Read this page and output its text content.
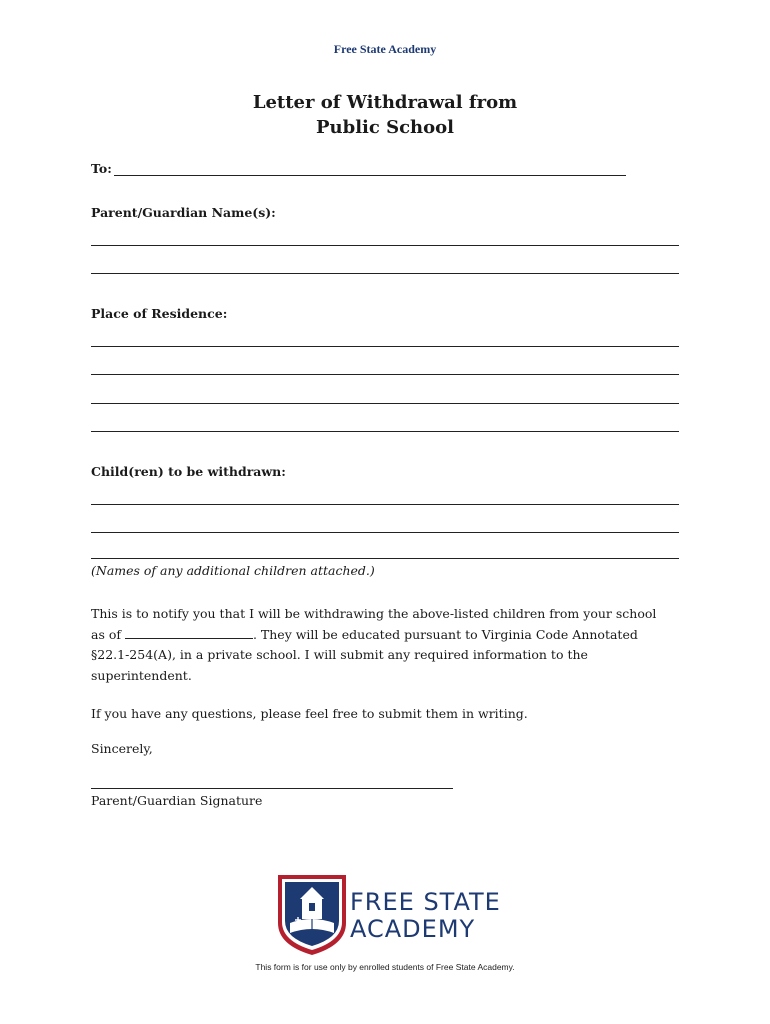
Free State Academy
Letter of Withdrawal from
Public School
To:
Parent/Guardian Name(s):
Place of Residence:
Child(ren) to be withdrawn:
(Names of any additional children attached.)
This is to notify you that I will be withdrawing the above-listed children from your school
as of	. They will be educated pursuant to Virginia Code Annotated
§22.1-254(A), in a private school. I will submit any required information to the
superintendent.
If you have any questions, please feel free to submit them in writing.
Sincerely,
Parent/Guardian Signature
FREE STATE
ACADEMY
This form is for use only by enrolled students of Free State Academy.
